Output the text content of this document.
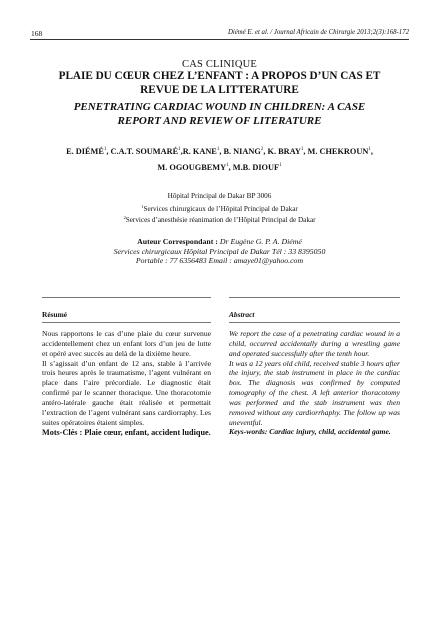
168	Diémé E. et al. / Journal Africain de Chirurgie 2013;2(3):168-172
CAS CLINIQUE
PLAIE DU CŒUR CHEZ L’ENFANT : A PROPOS D’UN CAS ET
REVUE DE LA LITTERATURE
PENETRATING CARDIAC WOUND IN CHILDREN: A CASE
REPORT AND REVIEW OF LITERATURE
E. DIÉMÉ$^1$, C.A.T. SOUMARÉ$^1$,R. KANE$^1$, B. NIANG$^2$, K. BRAY$^1$, M. CHEKROUN$^1$,
M. OGOUGBEMY$^1$, M.B. DIOUF$^1$
Hôpital Principal de Dakar BP 3006
$^1$Services chirurgicaux de l’Hôpital Principal de Dakar
$^2$Services d’anesthésie réanimation de l’Hôpital Principal de Dakar
Auteur Correspondant : Dr Eugène G. P. A. Diémé
Services chirurgicaux Hôpital Principal de Dakar Tél : 33 8395050
Portable : 77 6356483 Email : amaye01@yahoo.com
Résumé

Nous rapportons le cas d’une plaie du cœur survenue accidentellement chez un enfant lors d’un jeu de lutte et opéré avec succès au delà de la dixième heure.

Il s’agissait d’un enfant de 12 ans, stable à l’arrivée trois heures après le traumatisme, l’agent vulnérant en place dans l’aire précordiale. Le diagnostic était confirmé par le scanner thoracique. Une thoracotomie antéro-latérale gauche était réalisée et permettait l’extraction de l’agent vulnérant sans cardiorraphy. Les suites opératoires étaient simples.

Mots-Clés : Plaie cœur, enfant, accident ludique.

Abstract

We report the case of a penetrating cardiac wound in a child, occurred accidentally during a wrestling game and operated successfully after the tenth hour.

It was a 12 years old child, received stable 3 hours after the injury, the stab instrument in place in the cardiac box. The diagnosis was confirmed by computed tomography of the chest. A left anterior thoracotomy was performed and the stab instrument was then removed without any cardiorrhaphy. The follow up was uneventful.

Keys-words: Cardiac injury, child, accidental game.
